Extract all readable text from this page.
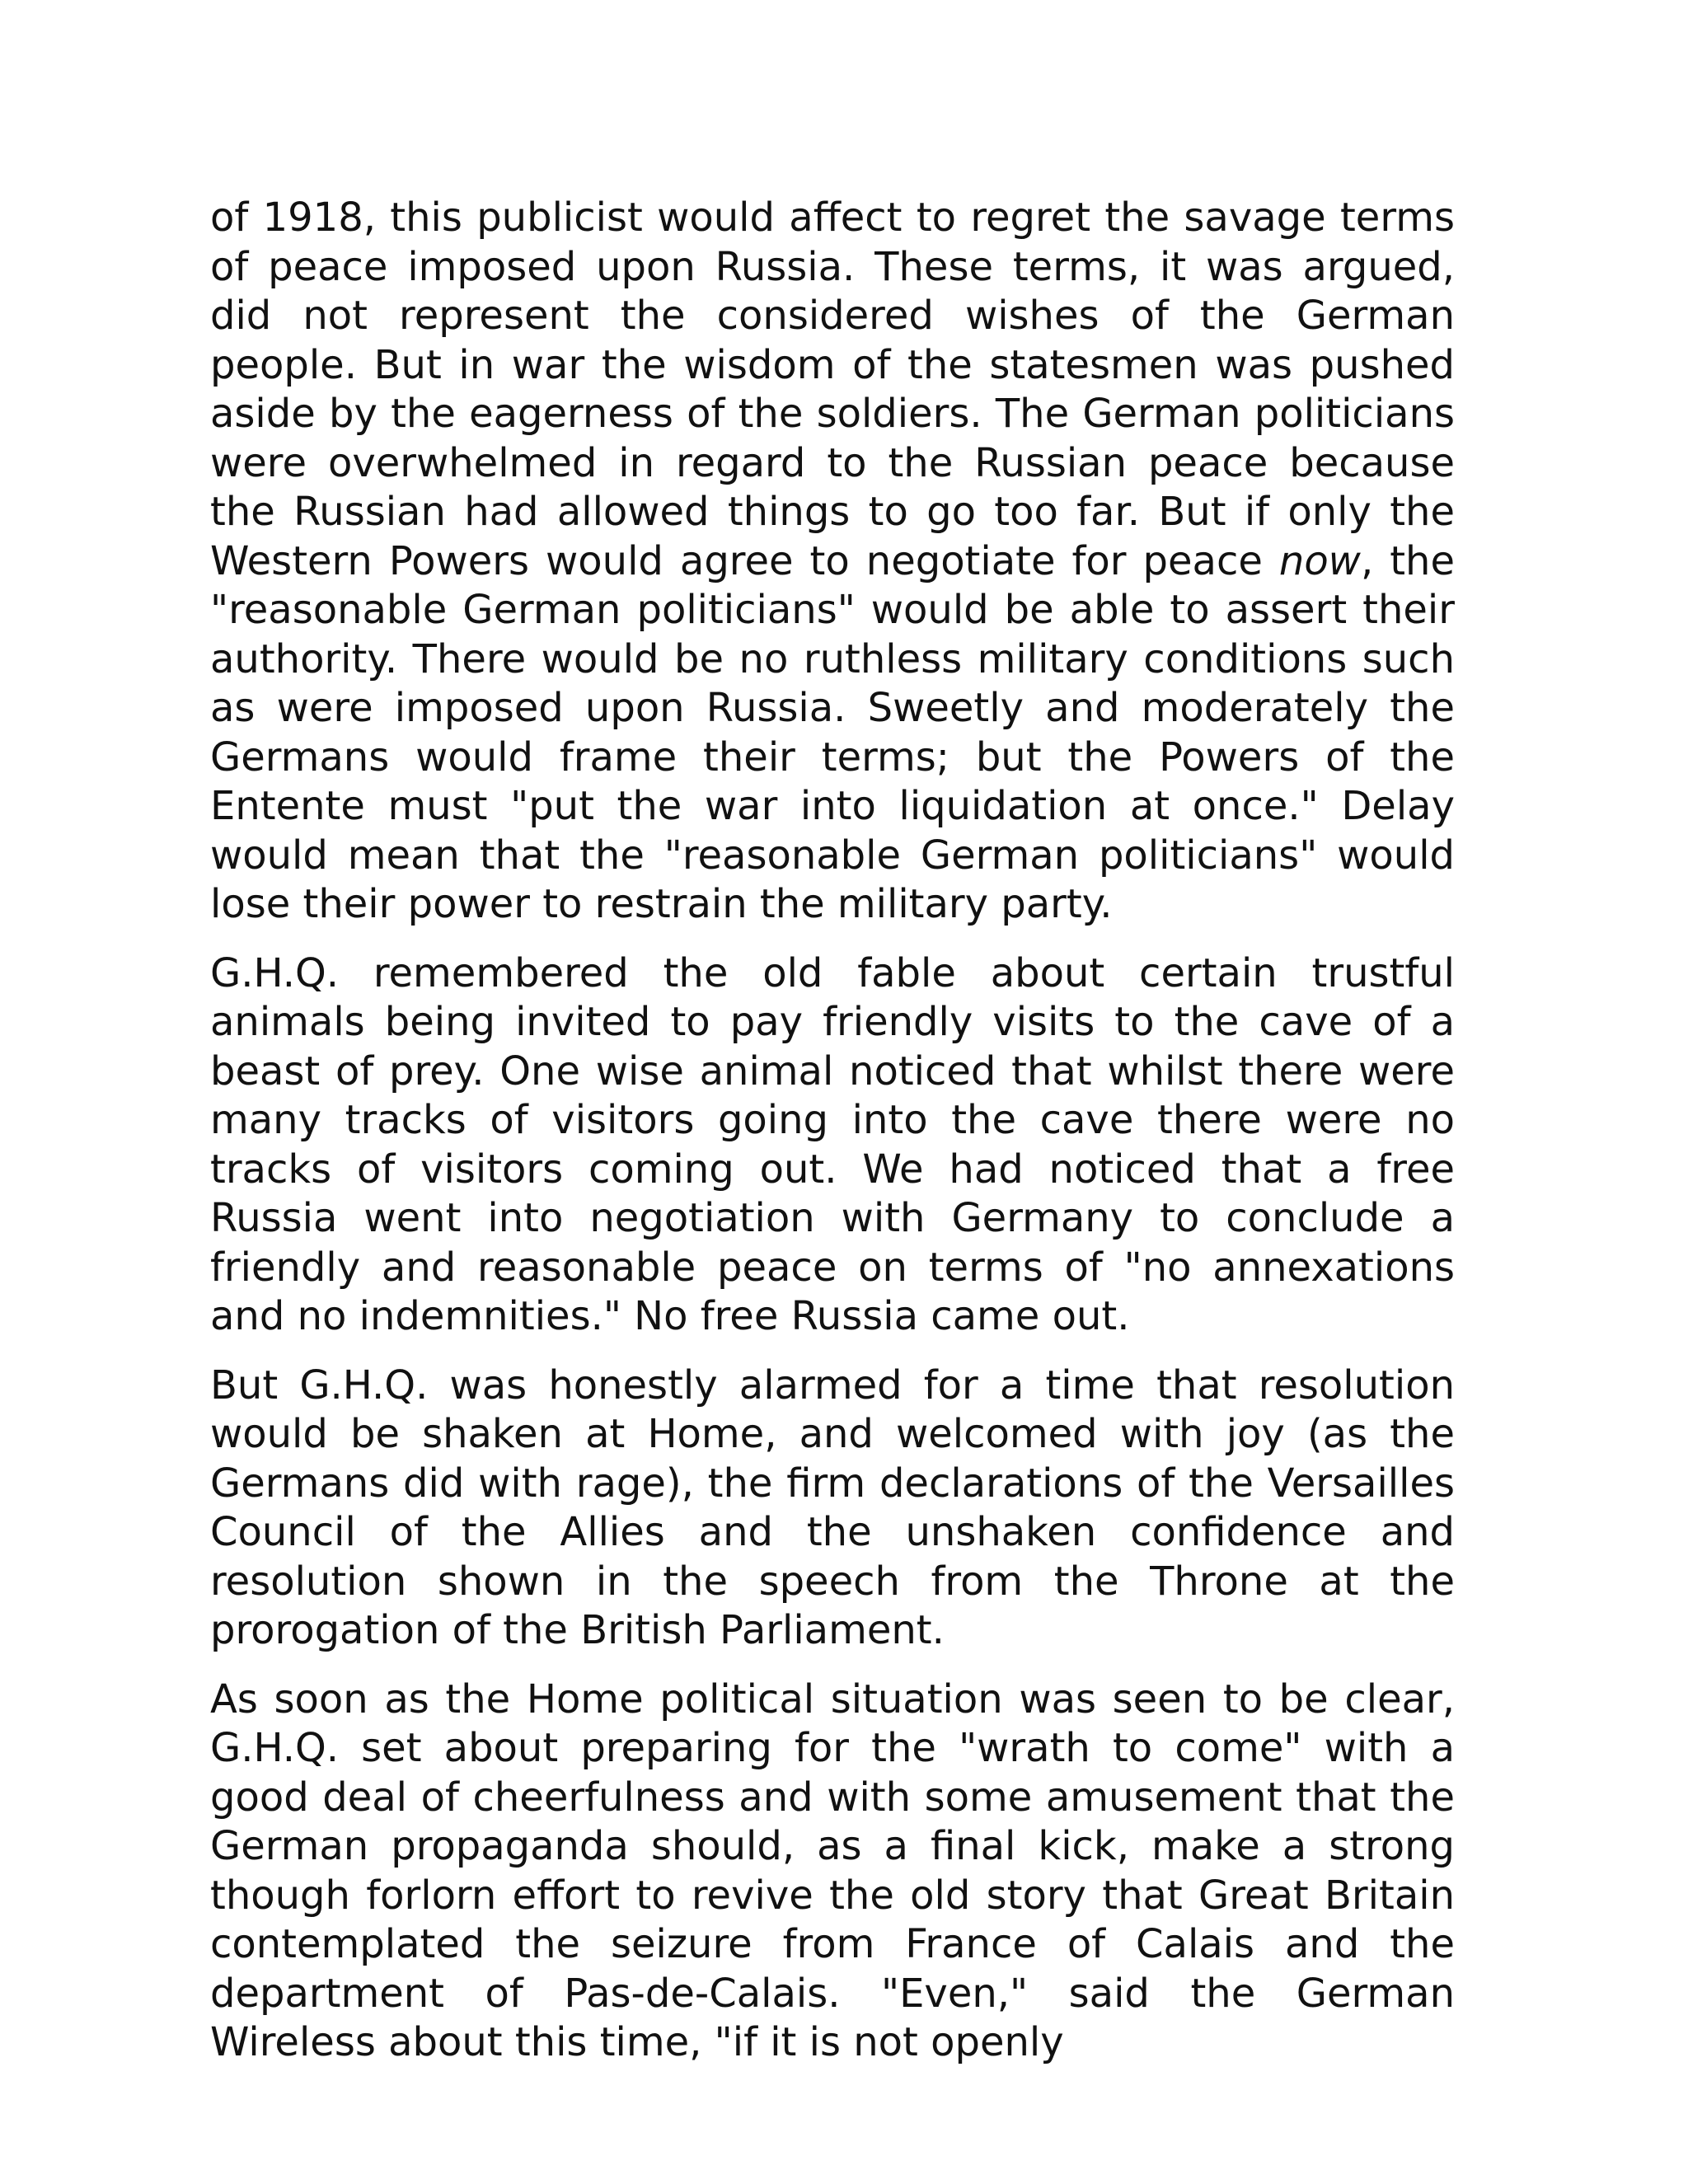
of 1918, this publicist would affect to regret the savage terms of peace imposed upon Russia. These terms, it was argued, did not represent the considered wishes of the German people. But in war the wisdom of the statesmen was pushed aside by the eagerness of the soldiers. The German politicians were overwhelmed in regard to the Russian peace because the Russian had allowed things to go too far. But if only the Western Powers would agree to negotiate for peace now, the "reasonable German politicians" would be able to assert their authority. There would be no ruthless military conditions such as were imposed upon Russia. Sweetly and moderately the Germans would frame their terms; but the Powers of the Entente must "put the war into liquidation at once." Delay would mean that the "reasonable German politicians" would lose their power to restrain the military party.

G.H.Q. remembered the old fable about certain trustful animals being invited to pay friendly visits to the cave of a beast of prey. One wise animal noticed that whilst there were many tracks of visitors going into the cave there were no tracks of visitors coming out. We had noticed that a free Russia went into negotiation with Germany to conclude a friendly and reasonable peace on terms of "no annexations and no indemnities." No free Russia came out.

But G.H.Q. was honestly alarmed for a time that resolution would be shaken at Home, and welcomed with joy (as the Germans did with rage), the firm declarations of the Versailles Council of the Allies and the unshaken confidence and resolution shown in the speech from the Throne at the prorogation of the British Parliament.

As soon as the Home political situation was seen to be clear, G.H.Q. set about preparing for the "wrath to come" with a good deal of cheerfulness and with some amusement that the German propaganda should, as a final kick, make a strong though forlorn effort to revive the old story that Great Britain contemplated the seizure from France of Calais and the department of Pas-de-Calais. "Even," said the German Wireless about this time, "if it is not openly
